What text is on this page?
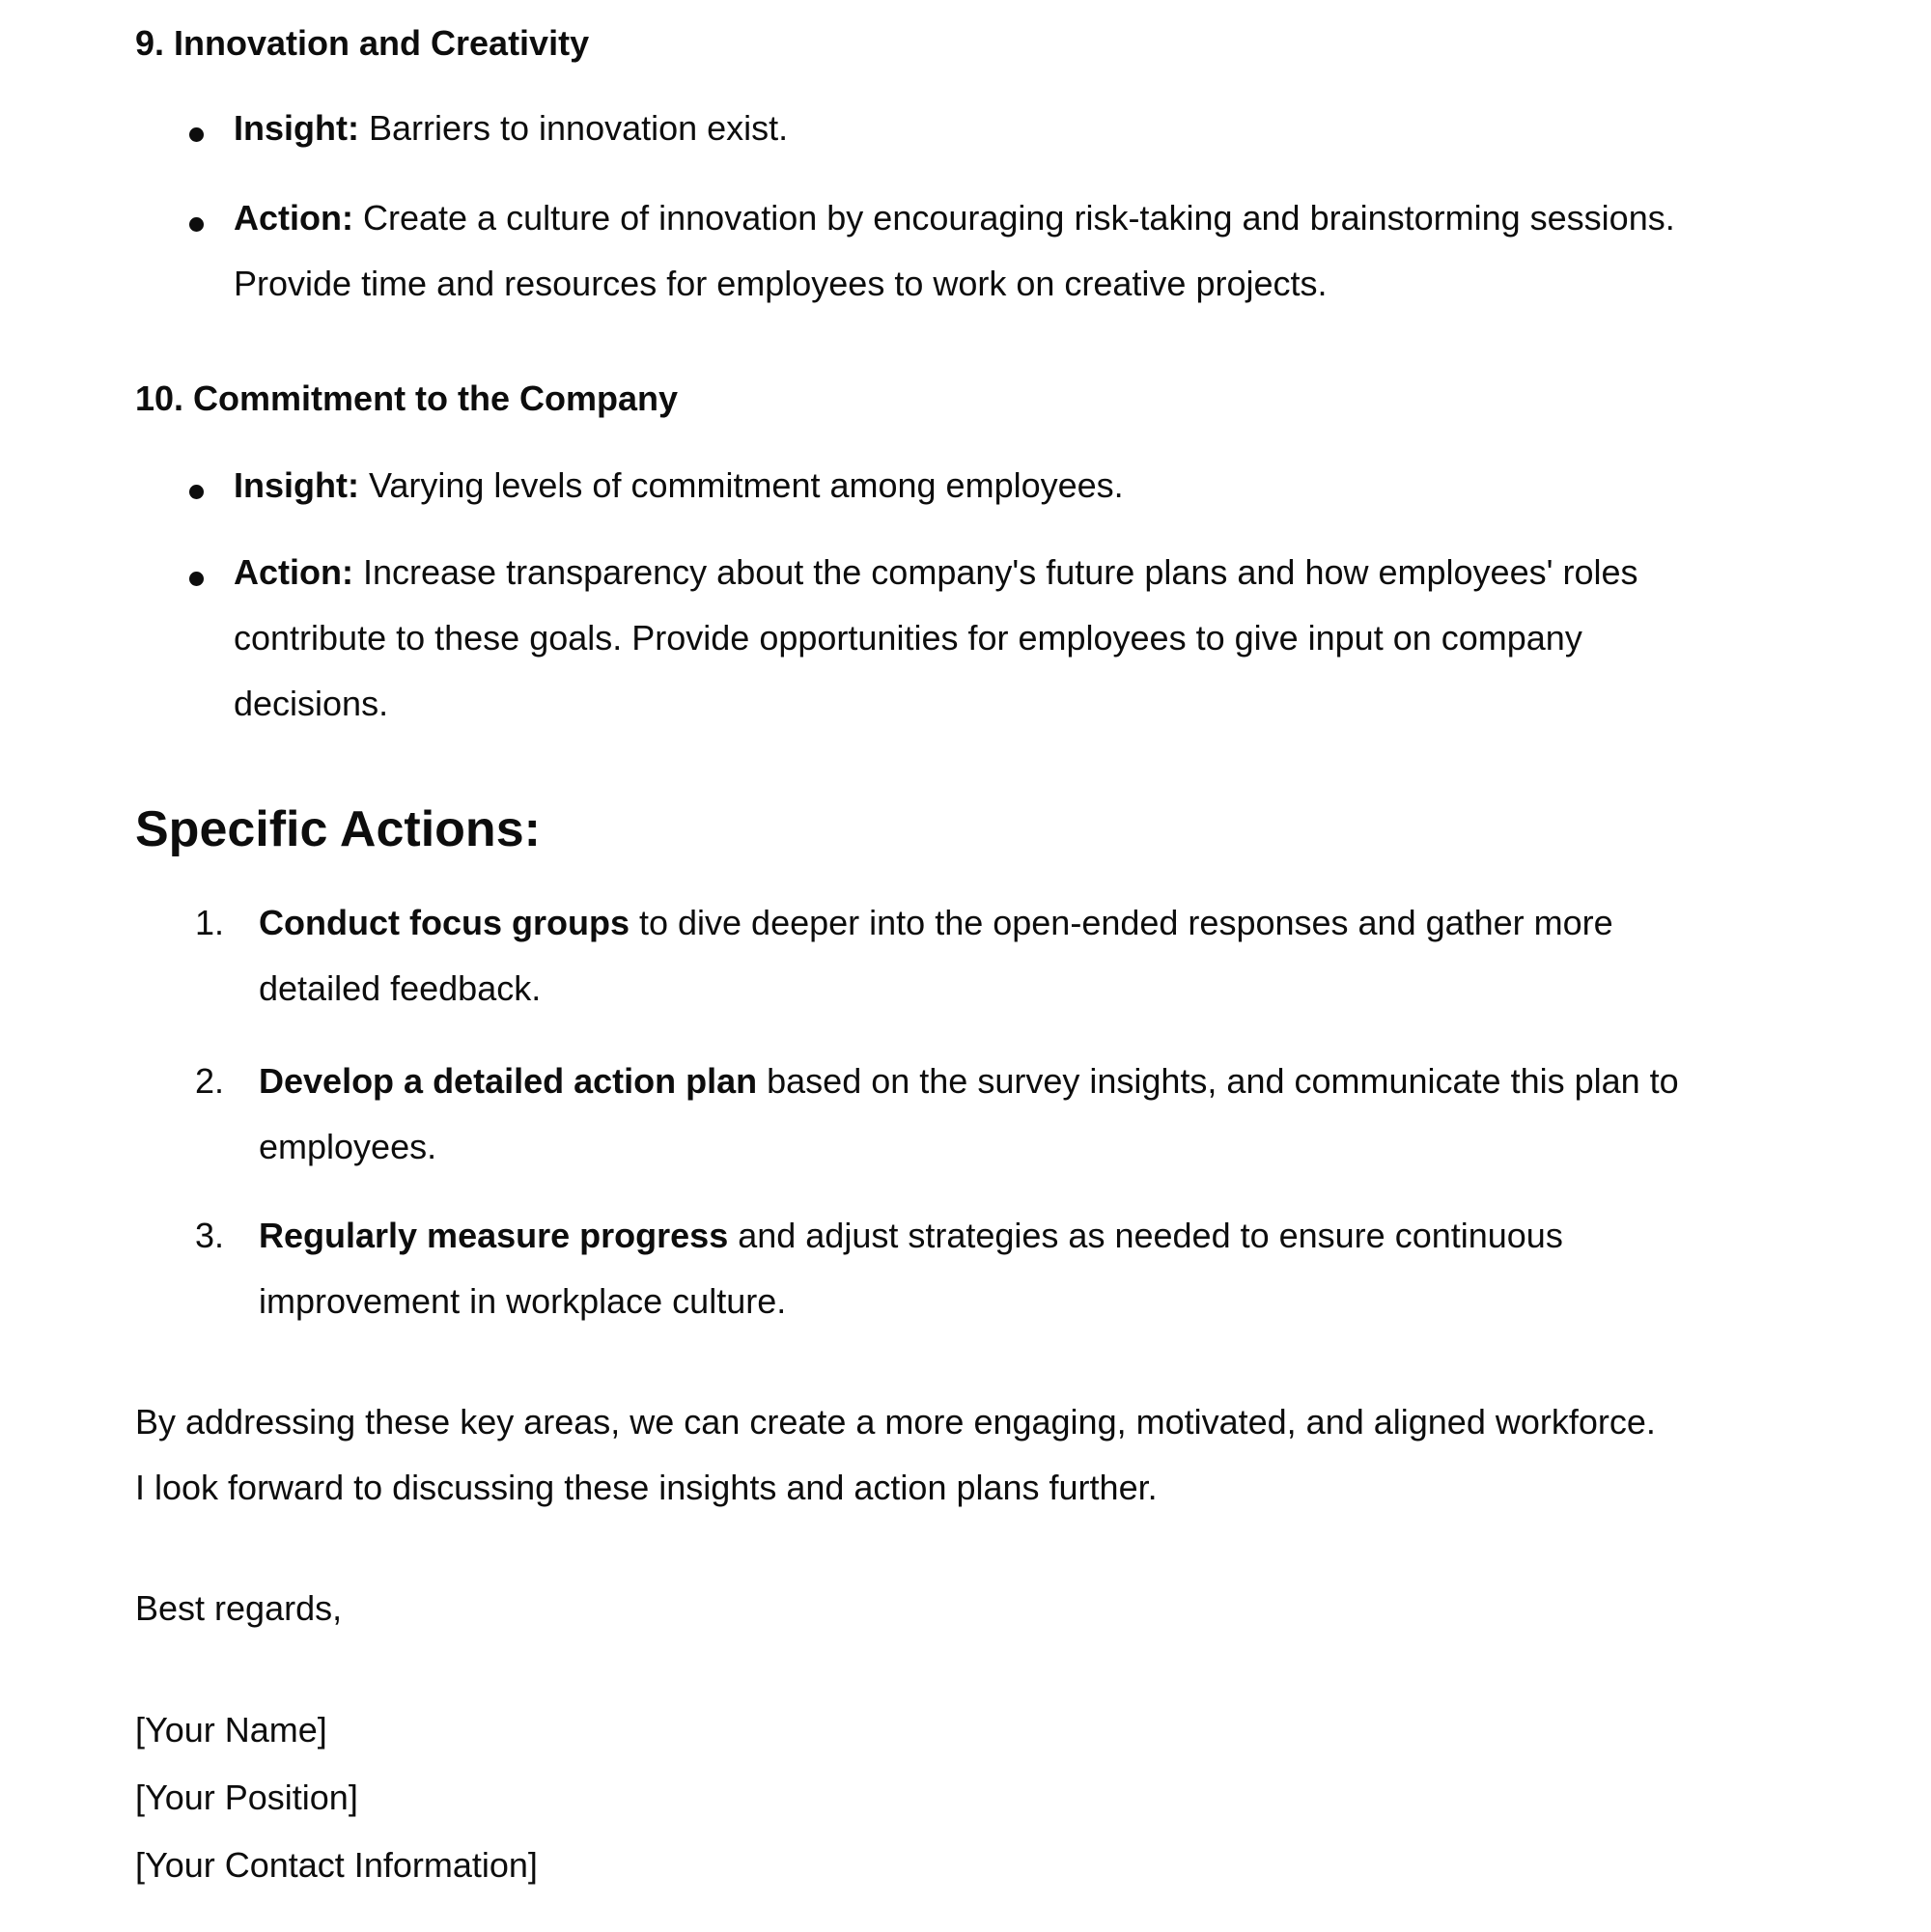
9. Innovation and Creativity
Insight: Barriers to innovation exist.
Action: Create a culture of innovation by encouraging risk-taking and brainstorming sessions.
Provide time and resources for employees to work on creative projects.
10. Commitment to the Company
Insight: Varying levels of commitment among employees.
Action: Increase transparency about the company's future plans and how employees' roles
contribute to these goals. Provide opportunities for employees to give input on company
decisions.
Specific Actions:
1. Conduct focus groups to dive deeper into the open-ended responses and gather more
detailed feedback.
2. Develop a detailed action plan based on the survey insights, and communicate this plan to
employees.
3. Regularly measure progress and adjust strategies as needed to ensure continuous
improvement in workplace culture.
By addressing these key areas, we can create a more engaging, motivated, and aligned workforce.
I look forward to discussing these insights and action plans further.
Best regards,
[Your Name]
[Your Position]
[Your Contact Information]
